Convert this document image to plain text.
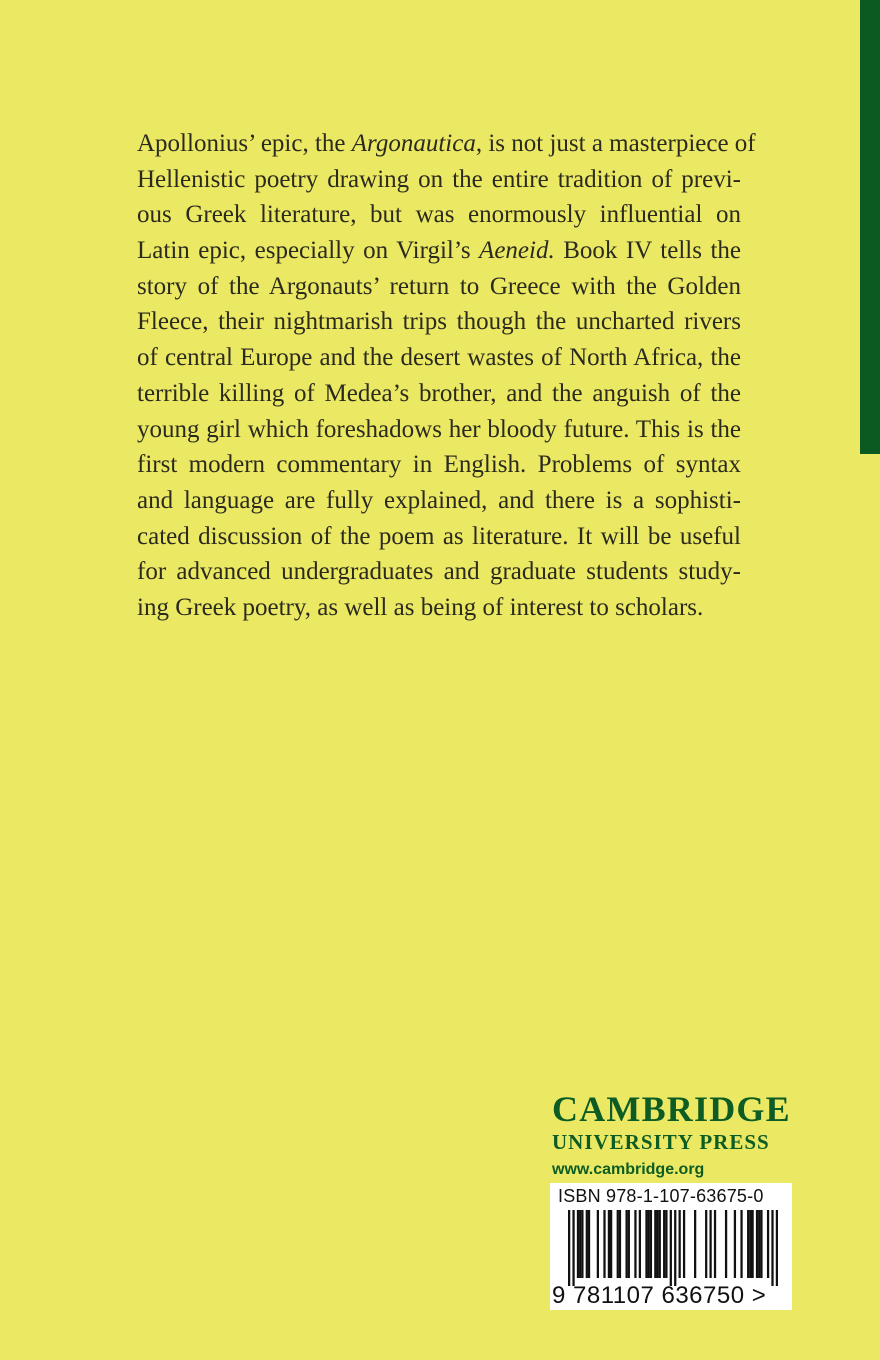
Apollonius’ epic, the Argonautica, is not just a masterpiece of
Hellenistic poetry drawing on the entire tradition of previ-
ous Greek literature, but was enormously influential on
Latin epic, especially on Virgil’s Aeneid. Book IV tells the
story of the Argonauts’ return to Greece with the Golden
Fleece, their nightmarish trips though the uncharted rivers
of central Europe and the desert wastes of North Africa, the
terrible killing of Medea’s brother, and the anguish of the
young girl which foreshadows her bloody future. This is the
first modern commentary in English. Problems of syntax
and language are fully explained, and there is a sophisti-
cated discussion of the poem as literature. It will be useful
for advanced undergraduates and graduate students study-
ing Greek poetry, as well as being of interest to scholars.

CAMBRIDGE
UNIVERSITY PRESS
www.cambridge.org
ISBN 978-1-107-63675-0
9 781107 636750 >
